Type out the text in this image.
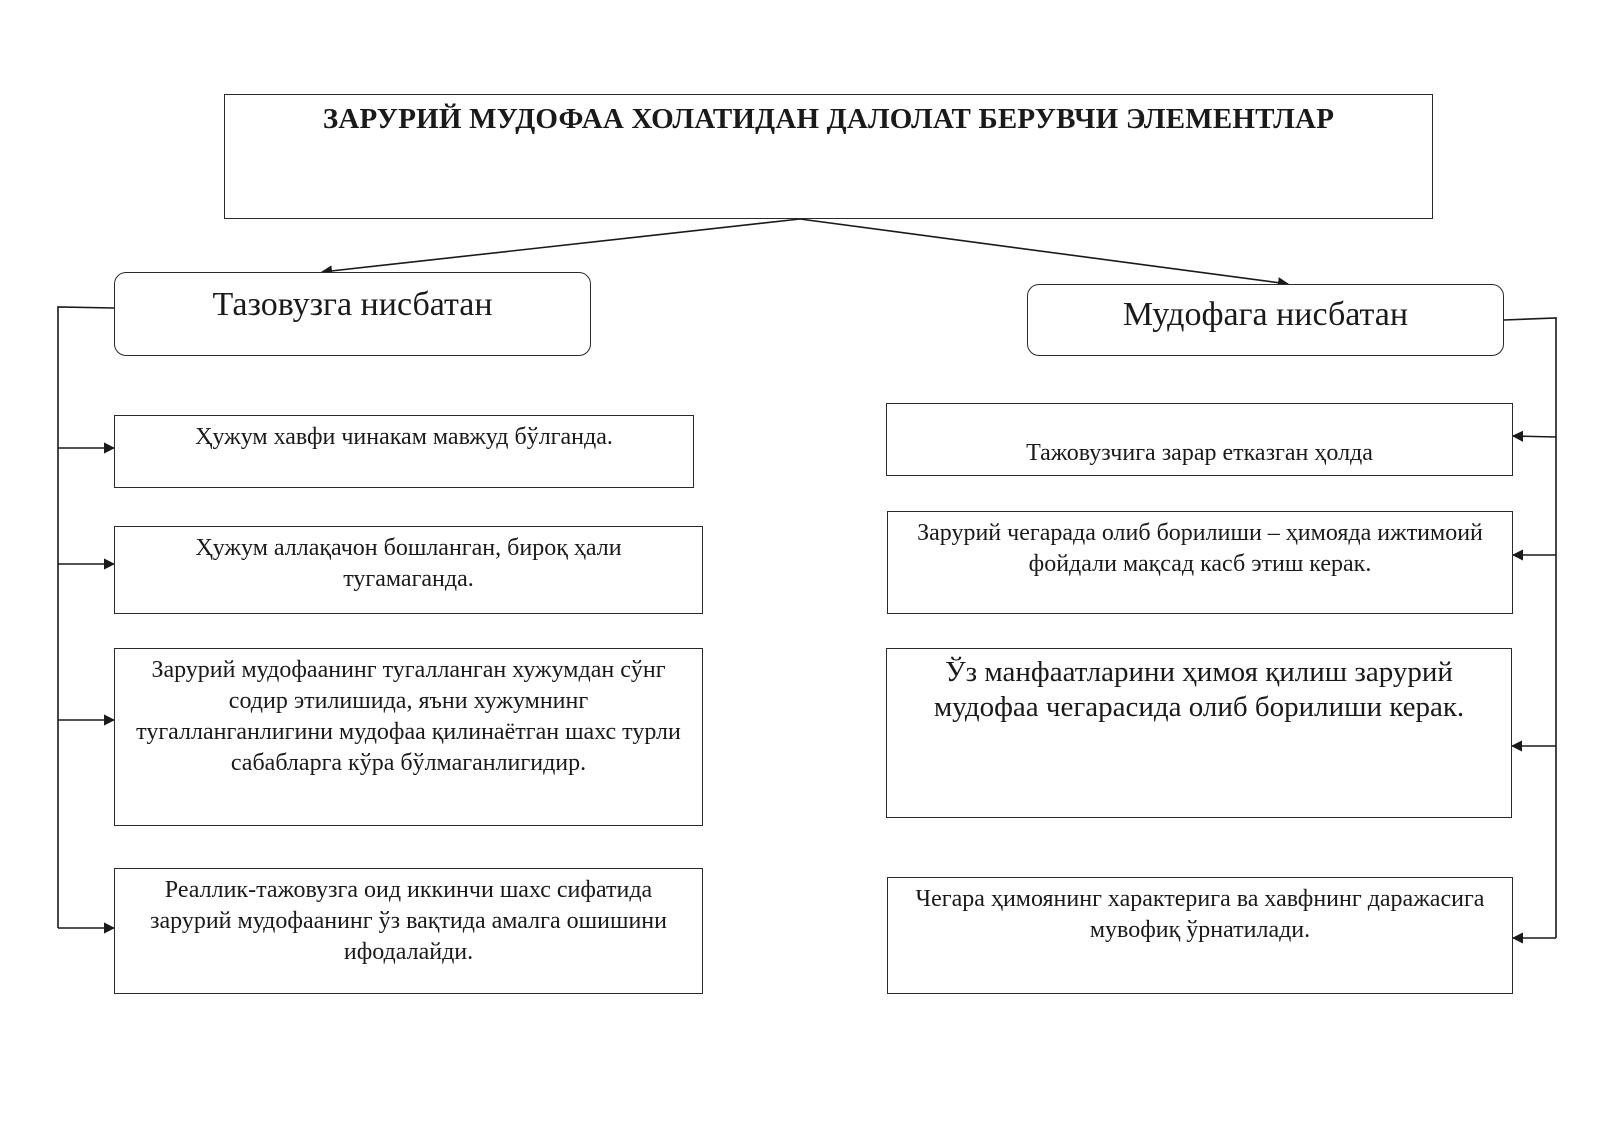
ЗАРУРИЙ МУДОФАА ХОЛАТИДАН ДАЛОЛАТ БЕРУВЧИ ЭЛЕМЕНТЛАР
Тазовузга нисбатан	Мудофага нисбатан
Ҳужум хавфи чинакам мавжуд бўлганда.
Ҳужум аллақачон бошланган, бироқ ҳали тугамаганда.
Зарурий мудофаанинг тугалланган хужумдан сўнг содир этилишида, яъни хужумнинг тугалланганлигини мудофаа қилинаётган шахс турли сабабларга кўра бўлмаганлигидир.
Реаллик-тажовузга оид иккинчи шахс сифатида зарурий мудофаанинг ўз вақтида амалга ошишини ифодалайди.
Тажовузчига зарар етказган ҳолда
Зарурий чегарада олиб борилиши – ҳимояда ижтимоий фойдали мақсад касб этиш керак.
Ўз манфаатларини ҳимоя қилиш зарурий мудофаа чегарасида олиб борилиши керак.
Чегара ҳимоянинг характерига ва хавфнинг даражасига мувофиқ ўрнатилади.
